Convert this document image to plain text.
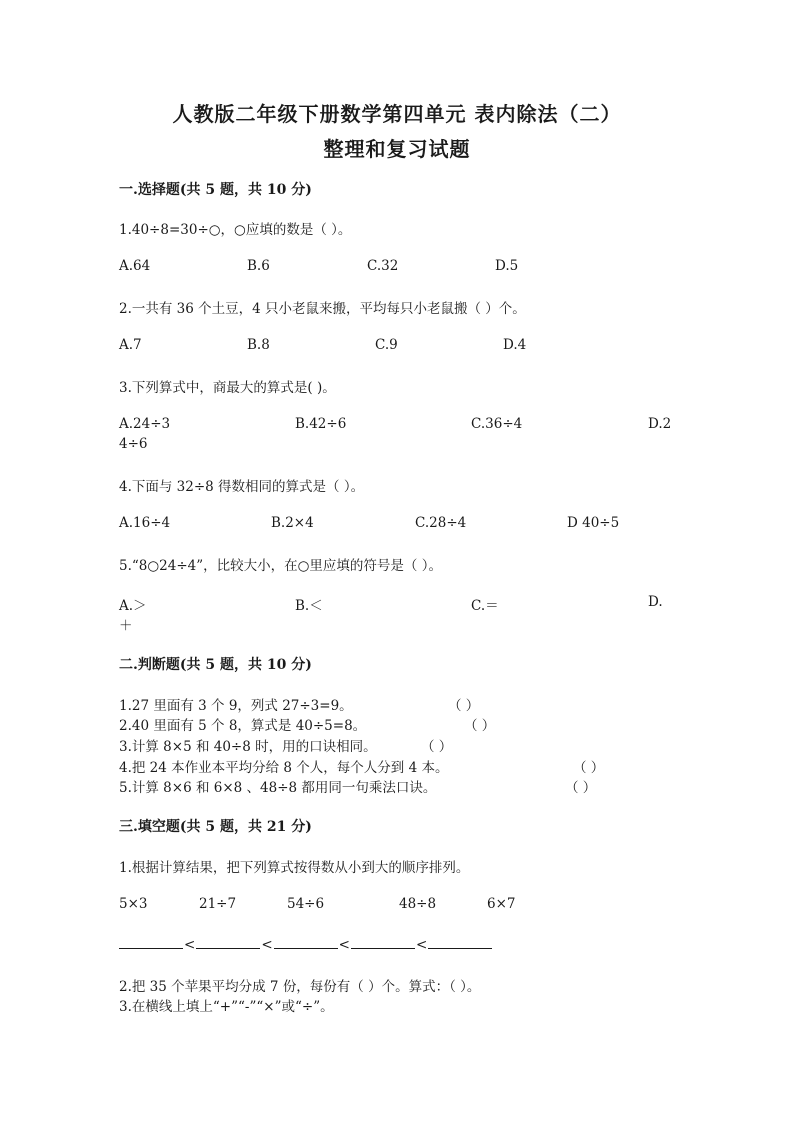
人教版二年级下册数学第四单元 表内除法（二）
整理和复习试题
一.选择题(共 5 题，共 10 分)
1.40÷8=30÷○，○应填的数是（ ）。
A.64	B.6	C.32	D.5
2.一共有 36 个土豆，4 只小老鼠来搬，平均每只小老鼠搬（ ）个。
A.7	B.8	C.9	D.4
3.下列算式中，商最大的算式是( )。
A.24÷3	B.42÷6	C.36÷4	D.2
4÷6
4.下面与 32÷8 得数相同的算式是（ ）。
A.16÷4	B.2×4	C.28÷4	D 40÷5
5.“8○24÷4”，比较大小，在○里应填的符号是（ ）。
A.＞	B.＜	C.＝	D.
＋
二.判断题(共 5 题，共 10 分)
1.27 里面有 3 个 9，列式 27÷3=9。	（ ）
2.40 里面有 5 个 8，算式是 40÷5=8。	（ ）
3.计算 8×5 和 40÷8 时，用的口诀相同。	（ ）
4.把 24 本作业本平均分给 8 个人，每个人分到 4 本。	（ ）
5.计算 8×6 和 6×8 、48÷8 都用同一句乘法口诀。	（ ）
三.填空题(共 5 题，共 21 分)
1.根据计算结果，把下列算式按得数从小到大的顺序排列。
5×3	21÷7	54÷6	48÷8	6×7
<	<	<	<
2.把 35 个苹果平均分成 7 份，每份有（ ）个。算式：（ ）。
3.在横线上填上“+”“-”“×”或“÷”。
